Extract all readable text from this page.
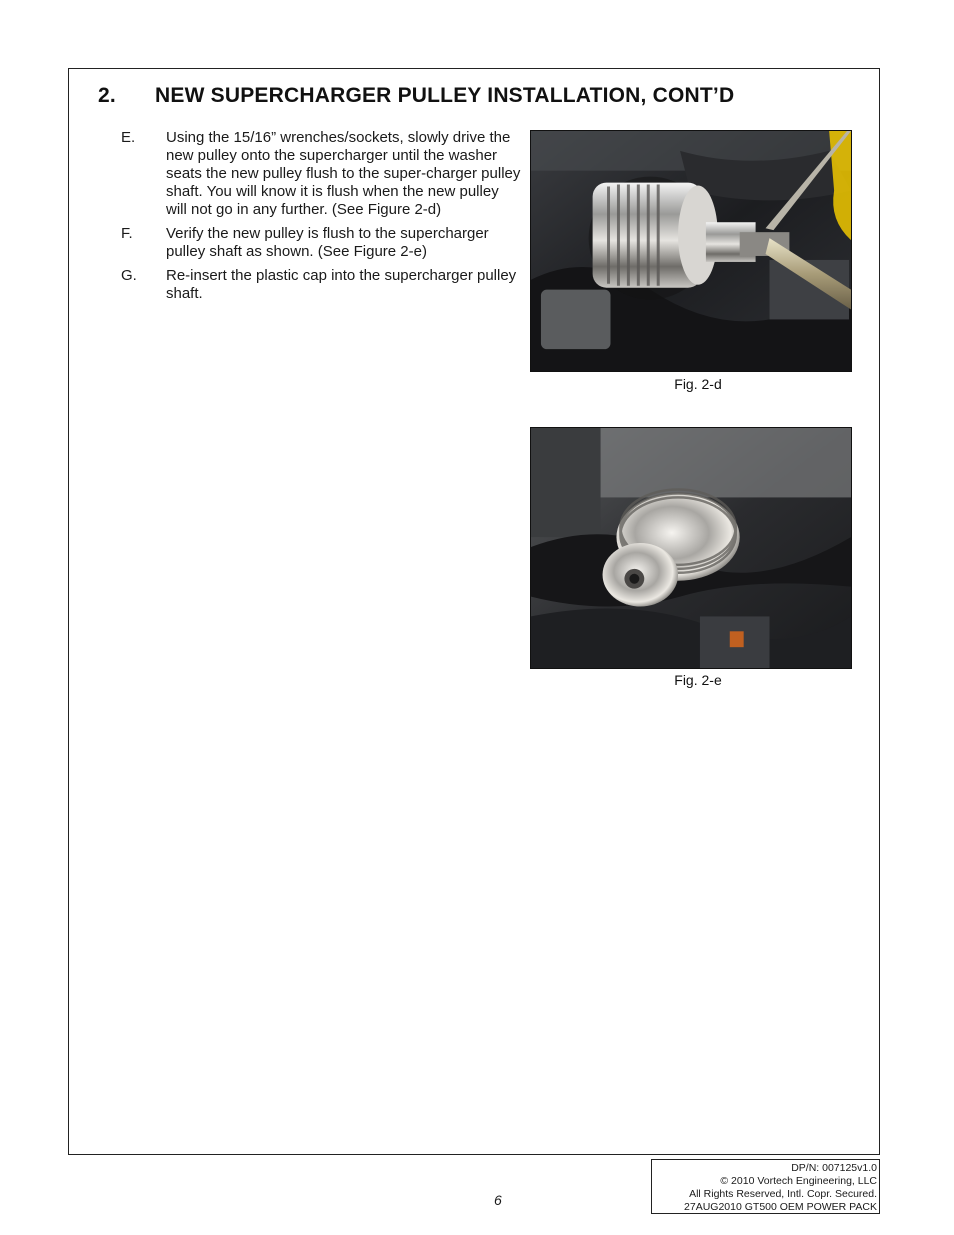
2. NEW SUPERCHARGER PULLEY INSTALLATION, CONT’D
E.	Using the 15/16” wrenches/sockets, slowly drive the new pulley onto the supercharger until the washer seats the new pulley flush to the super-charger pulley shaft. You will know it is flush when the new pulley will not go in any further. (See Figure 2-d)
F.	Verify the new pulley is flush to the supercharger pulley shaft as shown. (See Figure 2-e)
G.	Re-insert the plastic cap into the supercharger pulley shaft.
Fig. 2-d
Fig. 2-e
6
DP/N: 007125v1.0
© 2010 Vortech Engineering, LLC
All Rights Reserved, Intl. Copr. Secured.
27AUG2010 GT500 OEM POWER PACK
